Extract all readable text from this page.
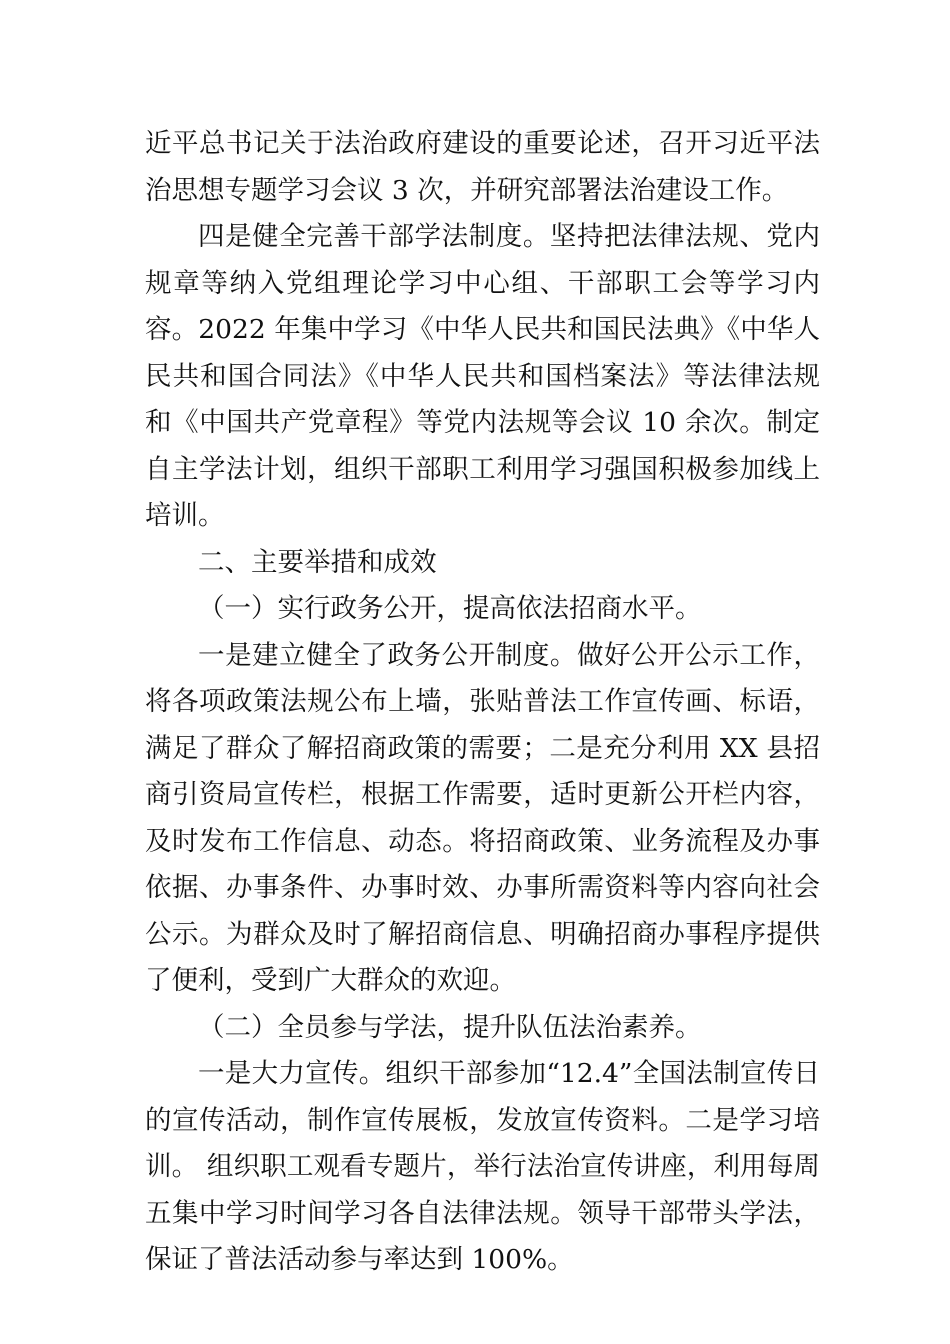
近平总书记关于法治政府建设的重要论述，召开习近平法治思想专题学习会议 3 次，并研究部署法治建设工作。

四是健全完善干部学法制度。坚持把法律法规、党内规章等纳入党组理论学习中心组、干部职工会等学习内容。2022 年集中学习《中华人民共和国民法典》《中华人民共和国合同法》《中华人民共和国档案法》等法律法规和《中国共产党章程》等党内法规等会议 10 余次。制定自主学法计划，组织干部职工利用学习强国积极参加线上培训。

二、主要举措和成效

（一）实行政务公开，提高依法招商水平。

一是建立健全了政务公开制度。做好公开公示工作，将各项政策法规公布上墙，张贴普法工作宣传画、标语，满足了群众了解招商政策的需要；二是充分利用 XX 县招商引资局宣传栏，根据工作需要，适时更新公开栏内容，及时发布工作信息、动态。将招商政策、业务流程及办事依据、办事条件、办事时效、办事所需资料等内容向社会公示。为群众及时了解招商信息、明确招商办事程序提供了便利，受到广大群众的欢迎。

（二）全员参与学法，提升队伍法治素养。

一是大力宣传。组织干部参加“12.4”全国法制宣传日的宣传活动，制作宣传展板，发放宣传资料。二是学习培训。 组织职工观看专题片，举行法治宣传讲座，利用每周五集中学习时间学习各自法律法规。领导干部带头学法，保证了普法活动参与率达到 100%。
